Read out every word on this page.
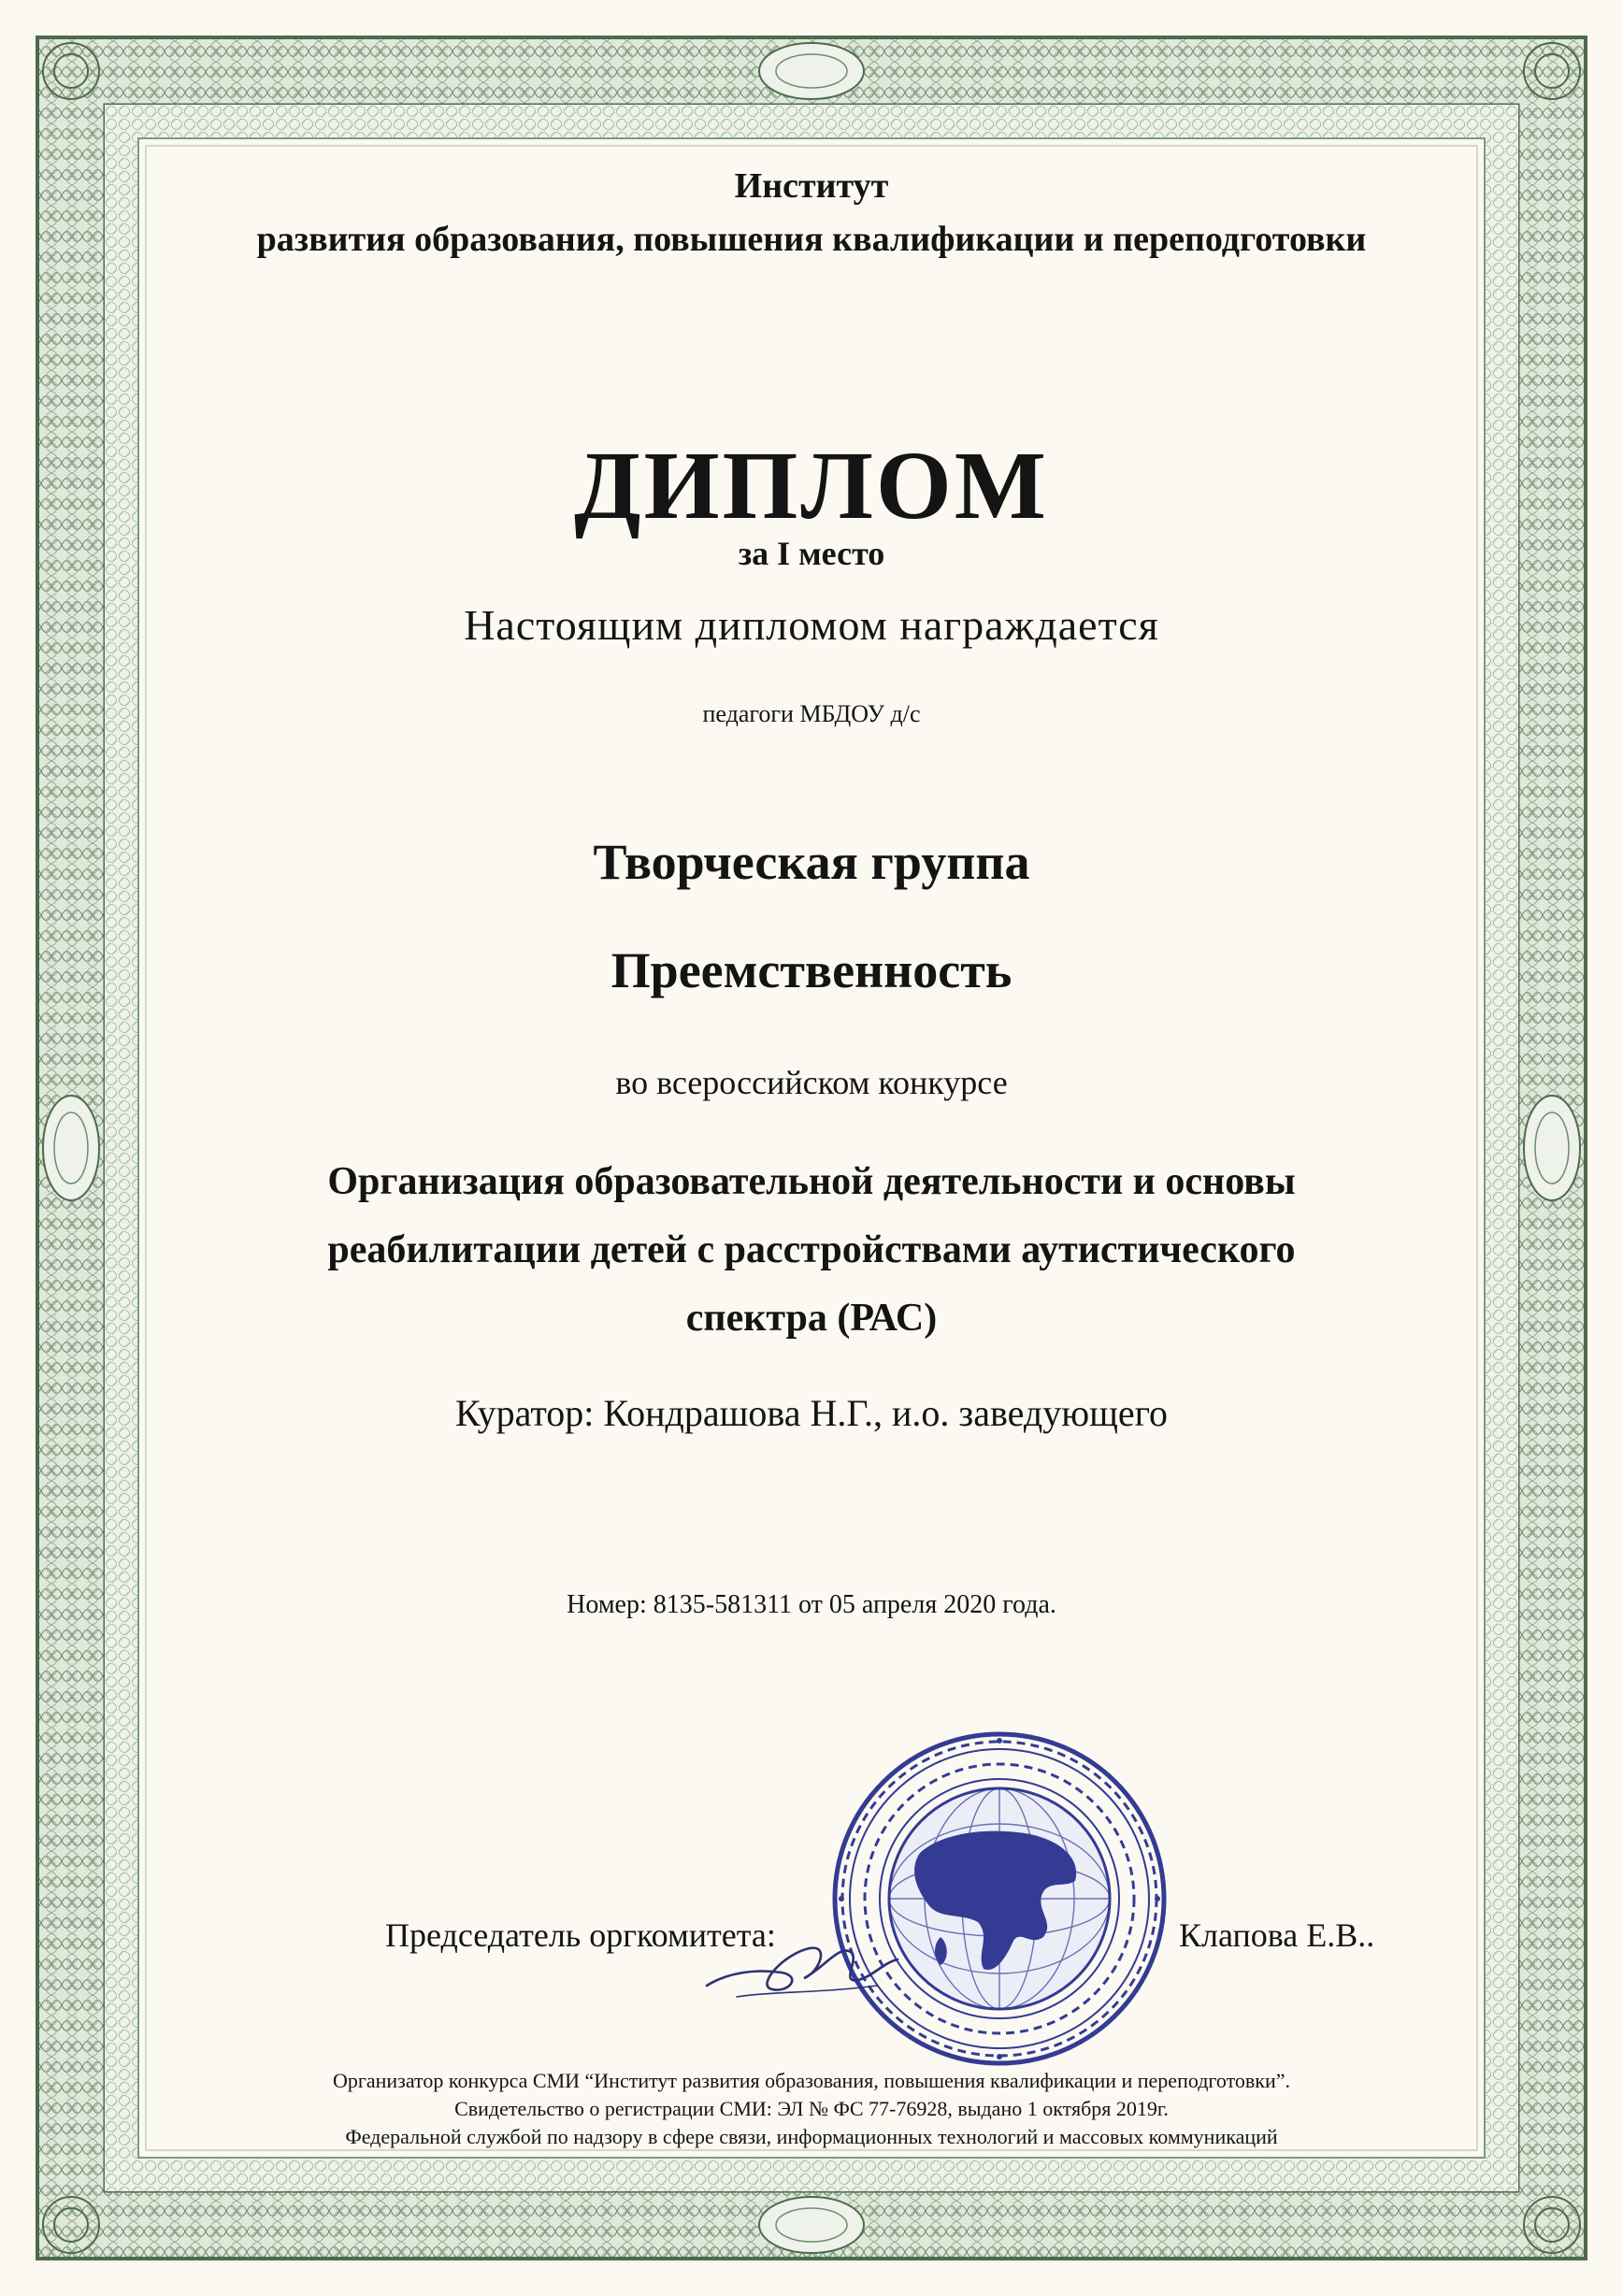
Институт
развития образования, повышения квалификации и переподготовки
ДИПЛОМ
за I место
Настоящим дипломом награждается
педагоги МБДОУ д/с
Творческая группа
Преемственность
во всероссийском конкурсе
Организация образовательной деятельности и основы реабилитации детей с расстройствами аутистического спектра (РАС)
Куратор: Кондрашова Н.Г., и.о. заведующего
Номер: 8135-581311 от 05 апреля 2020 года.
Председатель оргкомитета:	Клапова Е.В..
Организатор конкурса СМИ “Институт развития образования, повышения квалификации и переподготовки”.
Свидетельство о регистрации СМИ: ЭЛ № ФС 77-76928, выдано 1 октября 2019г.
Федеральной службой по надзору в сфере связи, информационных технологий и массовых коммуникаций
